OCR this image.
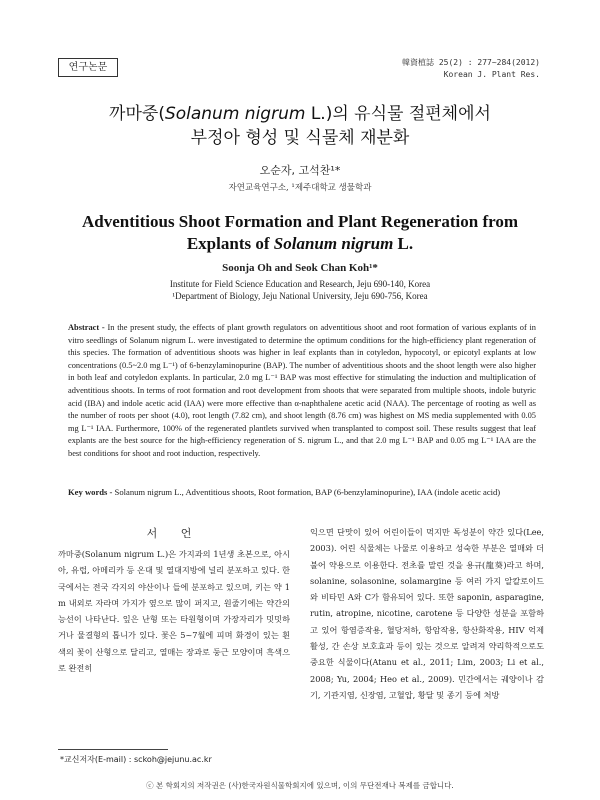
연구논문	韓資植誌 25(2) : 277~284(2012)
Korean J. Plant Res.
까마중(Solanum nigrum L.)의 유식물 절편체에서
부정아 형성 및 식물체 재분화
오순자, 고석찬¹*
자연교육연구소, ¹제주대학교 생물학과
Adventitious Shoot Formation and Plant Regeneration from
Explants of Solanum nigrum L.
Soonja Oh and Seok Chan Koh¹*
Institute for Field Science Education and Research, Jeju 690-140, Korea
¹Department of Biology, Jeju National University, Jeju 690-756, Korea
Abstract - In the present study, the effects of plant growth regulators on adventitious shoot and root formation of various explants of in vitro seedlings of Solanum nigrum L. were investigated to determine the optimum conditions for the high-efficiency plant regeneration of this species. The formation of adventitious shoots was higher in leaf explants than in cotyledon, hypocotyl, or epicotyl explants at low concentrations (0.5~2.0 mg L⁻¹) of 6-benzylaminopurine (BAP). The number of adventitious shoots and the shoot length were also higher in both leaf and cotyledon explants. In particular, 2.0 mg L⁻¹ BAP was most effective for stimulating the induction and multiplication of adventitious shoots. In terms of root formation and root development from shoots that were separated from multiple shoots, indole butyric acid (IBA) and indole acetic acid (IAA) were more effective than α-naphthalene acetic acid (NAA). The percentage of rooting as well as the number of roots per shoot (4.0), root length (7.82 cm), and shoot length (8.76 cm) was highest on MS media supplemented with 0.05 mg L⁻¹ IAA. Furthermore, 100% of the regenerated plantlets survived when transplanted to compost soil. These results suggest that leaf explants are the best source for the high-efficiency regeneration of S. nigrum L., and that 2.0 mg L⁻¹ BAP and 0.05 mg L⁻¹ IAA are the best conditions for shoot and root induction, respectively.
Key words - Solanum nigrum L., Adventitious shoots, Root formation, BAP (6-benzylaminopurine), IAA (indole acetic acid)
서 언
까마중(Solanum nigrum L.)은 가지과의 1년생 초본으로, 아시아, 유럽, 아메리카 등 온대 및 열대지방에 널리 분포하고 있다. 한국에서는 전국 각지의 야산이나 들에 분포하고 있으며, 키는 약 1 m 내외로 자라며 가지가 옆으로 많이 퍼지고, 원줄기에는 약간의 능선이 나타난다. 잎은 난형 또는 타원형이며 가장자리가 밋밋하거나 물결형의 톱니가 있다. 꽃은 5~7월에 피며 화경이 있는 흰색의 꽃이 산형으로 달리고, 열매는 장과로 둥근 모양이며 흑색으로 완전히
익으면 단맛이 있어 어린이들이 먹지만 독성분이 약간 있다(Lee, 2003). 어린 식물체는 나물로 이용하고 성숙한 부분은 열매와 더불어 약용으로 이용한다. 전초를 말린 것을 용규(龍葵)라고 하며, solanine, solasonine, solamargine 등 여러 가지 알칼로이드와 비타민 A와 C가 함유되어 있다. 또한 saponin, asparagine, rutin, atropine, nicotine, carotene 등 다양한 성분을 포함하고 있어 항염증작용, 혈당저하, 항암작용, 항산화작용, HIV 억제활성, 간 손상 보호효과 등이 있는 것으로 알려져 약리학적으로도 중요한 식물이다(Atanu et al., 2011; Lim, 2003; Li et al., 2008; Yu, 2004; Heo et al., 2009). 민간에서는 궤양이나 감기, 기관지염, 신장염, 고혈압, 황달 및 종기 등에 처방
*교신저자(E-mail) : sckoh@jejunu.ac.kr
ⓒ 본 학회지의 저작권은 (사)한국자원식물학회지에 있으며, 이의 무단전재나 복제를 금합니다.
